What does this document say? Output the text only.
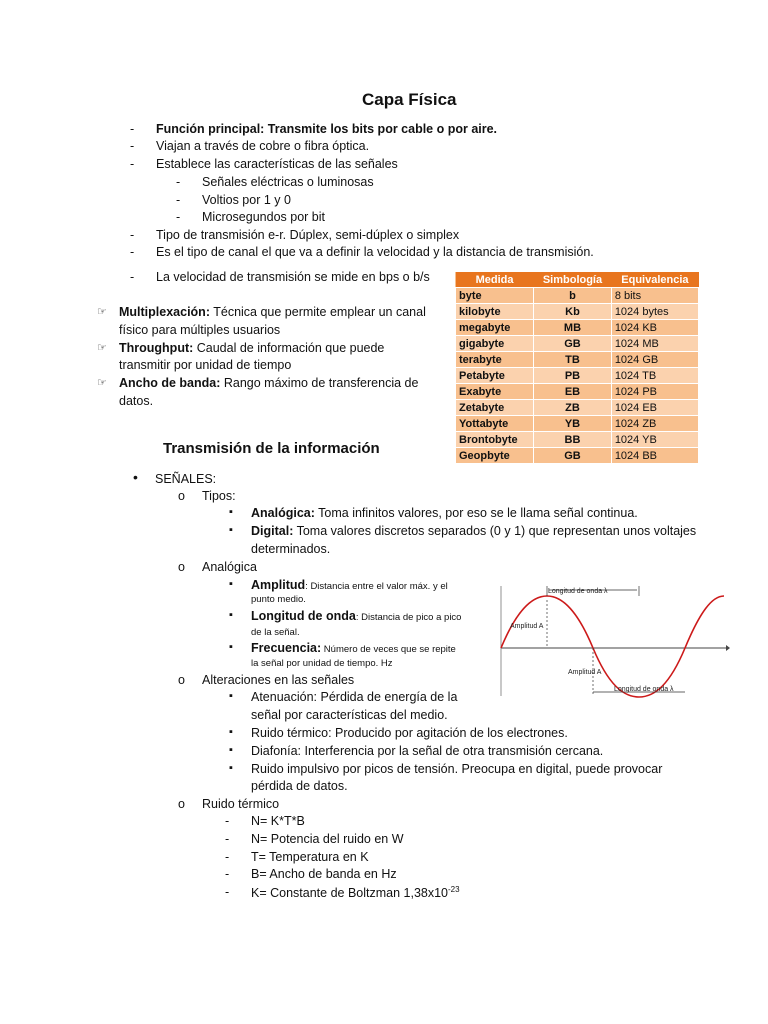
Capa Física
- Función principal: Transmite los bits por cable o por aire.
- Viajan a través de cobre o fibra óptica.
- Establece las características de las señales
- Señales eléctricas o luminosas
- Voltios por 1 y 0
- Microsegundos por bit
- Tipo de transmisión e-r. Dúplex, semi-dúplex o simplex
- Es el tipo de canal el que va a definir la velocidad y la distancia de transmisión.
- La velocidad de transmisión se mide en bps o b/s
☞ Multiplexación: Técnica que permite emplear un canal
físico para múltiples usuarios
☞ Throughput: Caudal de información que puede
transmitir por unidad de tiempo
☞ Ancho de banda: Rango máximo de transferencia de
datos.
Medida	Simbología	Equivalencia
byte	b	8 bits
kilobyte	Kb	1024 bytes
megabyte	MB	1024 KB
gigabyte	GB	1024 MB
terabyte	TB	1024 GB
Petabyte	PB	1024 TB
Exabyte	EB	1024 PB
Zetabyte	ZB	1024 EB
Yottabyte	YB	1024 ZB
Brontobyte	BB	1024 YB
Geopbyte	GB	1024 BB
Transmisión de la información
• SEÑALES:
o Tipos:
▪ Analógica: Toma infinitos valores, por eso se le llama señal continua.
▪ Digital: Toma valores discretos separados (0 y 1) que representan unos voltajes
determinados.
o Analógica
▪ Amplitud: Distancia entre el valor máx. y el
punto medio.
▪ Longitud de onda: Distancia de pico a pico
de la señal.
▪ Frecuencia: Número de veces que se repite
la señal por unidad de tiempo. Hz
Longitud de onda λ
Amplitud A
Amplitud A
Longitud de onda λ
o Alteraciones en las señales
▪ Atenuación: Pérdida de energía de la
señal por características del medio.
▪ Ruido térmico: Producido por agitación de los electrones.
▪ Diafonía: Interferencia por la señal de otra transmisión cercana.
▪ Ruido impulsivo por picos de tensión. Preocupa en digital, puede provocar
pérdida de datos.
o Ruido térmico
- N= K*T*B
- N= Potencia del ruido en W
- T= Temperatura en K
- B= Ancho de banda en Hz
- K= Constante de Boltzman $1,38x10^{-23}$
